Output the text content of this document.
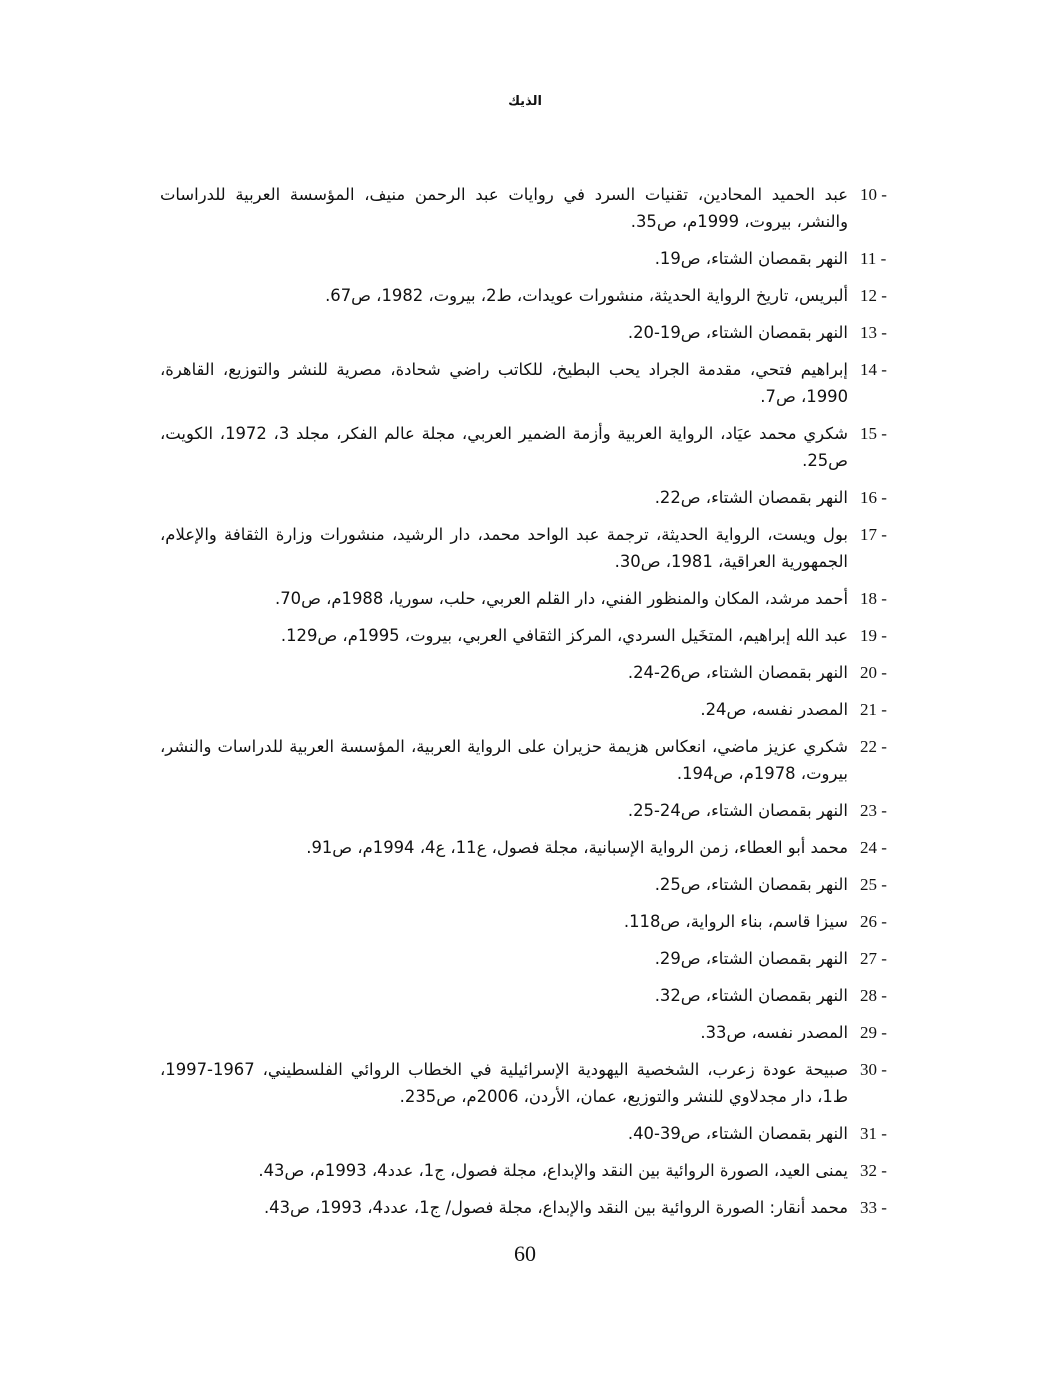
الذيك
10 -
عبد الحميد المحادين، تقنيات السرد في روايات عبد الرحمن منيف، المؤسسة العربية للدراسات والنشر، بيروت، 1999م، ص35.
11 -
النهر بقمصان الشتاء، ص19.
12 -
ألبريس، تاريخ الرواية الحديثة، منشورات عويدات، ط2، بيروت، 1982، ص67.
13 -
النهر بقمصان الشتاء، ص19-20.
14 -
إبراهيم فتحي، مقدمة الجراد يحب البطيخ، للكاتب راضي شحادة، مصرية للنشر والتوزيع، القاهرة، 1990، ص7.
15 -
شكري محمد عيَاد، الرواية العربية وأزمة الضمير العربي، مجلة عالم الفكر، مجلد 3، 1972، الكويت، ص25.
16 -
النهر بقمصان الشتاء، ص22.
17 -
بول ويست، الرواية الحديثة، ترجمة عبد الواحد محمد، دار الرشيد، منشورات وزارة الثقافة والإعلام، الجمهورية العراقية، 1981، ص30.
18 -
أحمد مرشد، المكان والمنظور الفني، دار القلم العربي، حلب، سوريا، 1988م، ص70.
19 -
عبد الله إبراهيم، المتخَيل السردي، المركز الثقافي العربي، بيروت، 1995م، ص129.
20 -
النهر بقمصان الشتاء، ص26-24.
21 -
المصدر نفسه، ص24.
22 -
شكري عزيز ماضي، انعكاس هزيمة حزيران على الرواية العربية، المؤسسة العربية للدراسات والنشر، بيروت، 1978م، ص194.
23 -
النهر بقمصان الشتاء، ص24-25.
24 -
محمد أبو العطاء، زمن الرواية الإسبانية، مجلة فصول، ع11، ع4، 1994م، ص91.
25 -
النهر بقمصان الشتاء، ص25.
26 -
سيزا قاسم، بناء الرواية، ص118.
27 -
النهر بقمصان الشتاء، ص29.
28 -
النهر بقمصان الشتاء، ص32.
29 -
المصدر نفسه، ص33.
30 -
صبيحة عودة زعرب، الشخصية اليهودية الإسرائيلية في الخطاب الروائي الفلسطيني، 1967-1997، ط1، دار مجدلاوي للنشر والتوزيع، عمان، الأردن، 2006م، ص235.
31 -
النهر بقمصان الشتاء، ص39-40.
32 -
يمنى العيد، الصورة الروائية بين النقد والإبداع، مجلة فصول، ج1، عدد4، 1993م، ص43.
33 -
محمد أنقار: الصورة الروائية بين النقد والإبداع، مجلة فصول/ ج1، عدد4، 1993، ص43.
60
